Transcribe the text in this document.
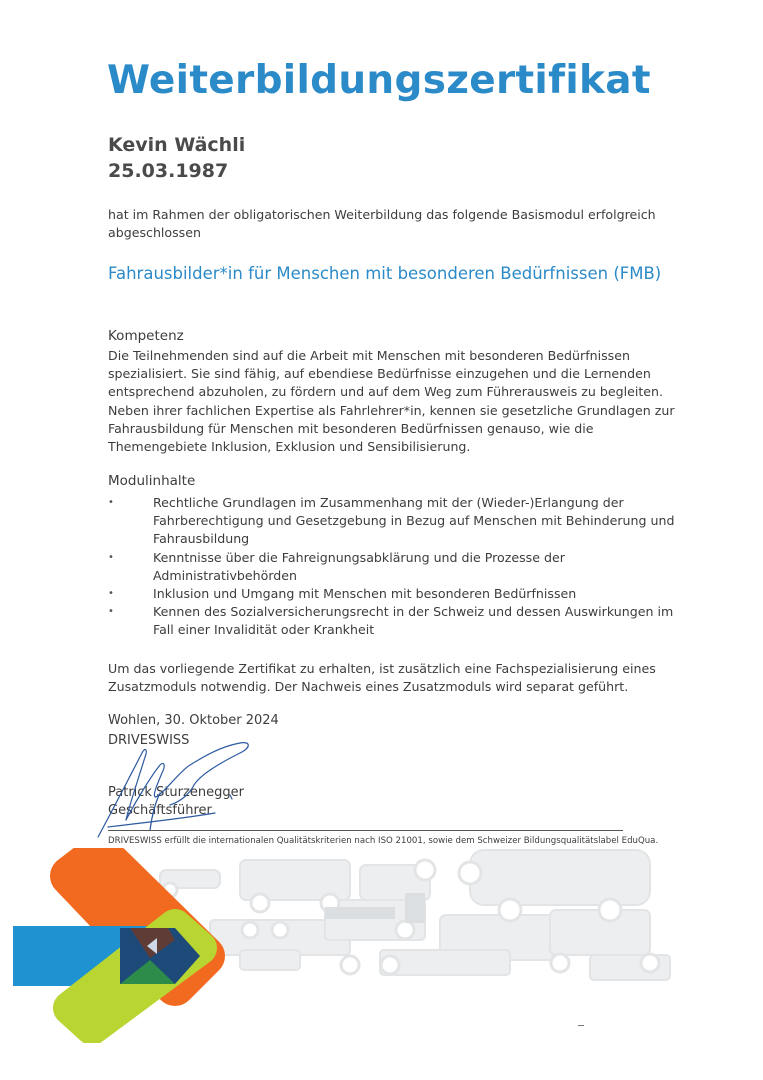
Weiterbildungszertifikat
Kevin Wächli
25.03.1987
hat im Rahmen der obligatorischen Weiterbildung das folgende Basismodul erfolgreich abgeschlossen
Fahrausbilder*in für Menschen mit besonderen Bedürfnissen (FMB)
Kompetenz
Die Teilnehmenden sind auf die Arbeit mit Menschen mit besonderen Bedürfnissen spezialisiert. Sie sind fähig, auf ebendiese Bedürfnisse einzugehen und die Lernenden entsprechend abzuholen, zu fördern und auf dem Weg zum Führerausweis zu begleiten. Neben ihrer fachlichen Expertise als Fahrlehrer*in, kennen sie gesetzliche Grundlagen zur Fahrausbildung für Menschen mit besonderen Bedürfnissen genauso, wie die Themengebiete Inklusion, Exklusion und Sensibilisierung.
Modulinhalte
•	Rechtliche Grundlagen im Zusammenhang mit der (Wieder-)Erlangung der Fahrberechtigung und Gesetzgebung in Bezug auf Menschen mit Behinderung und Fahrausbildung
•	Kenntnisse über die Fahreignungsabklärung und die Prozesse der Administrativbehörden
•	Inklusion und Umgang mit Menschen mit besonderen Bedürfnissen
•	Kennen des Sozialversicherungsrecht in der Schweiz und dessen Auswirkungen im Fall einer Invalidität oder Krankheit
Um das vorliegende Zertifikat zu erhalten, ist zusätzlich eine Fachspezialisierung eines Zusatzmoduls notwendig. Der Nachweis eines Zusatzmoduls wird separat geführt.
Wohlen, 30. Oktober 2024
DRIVESWISS
Patrick Sturzenegger
Geschäftsführer
DRIVESWISS erfüllt die internationalen Qualitätskriterien nach ISO 21001, sowie dem Schweizer Bildungsqualitätslabel EduQua.
